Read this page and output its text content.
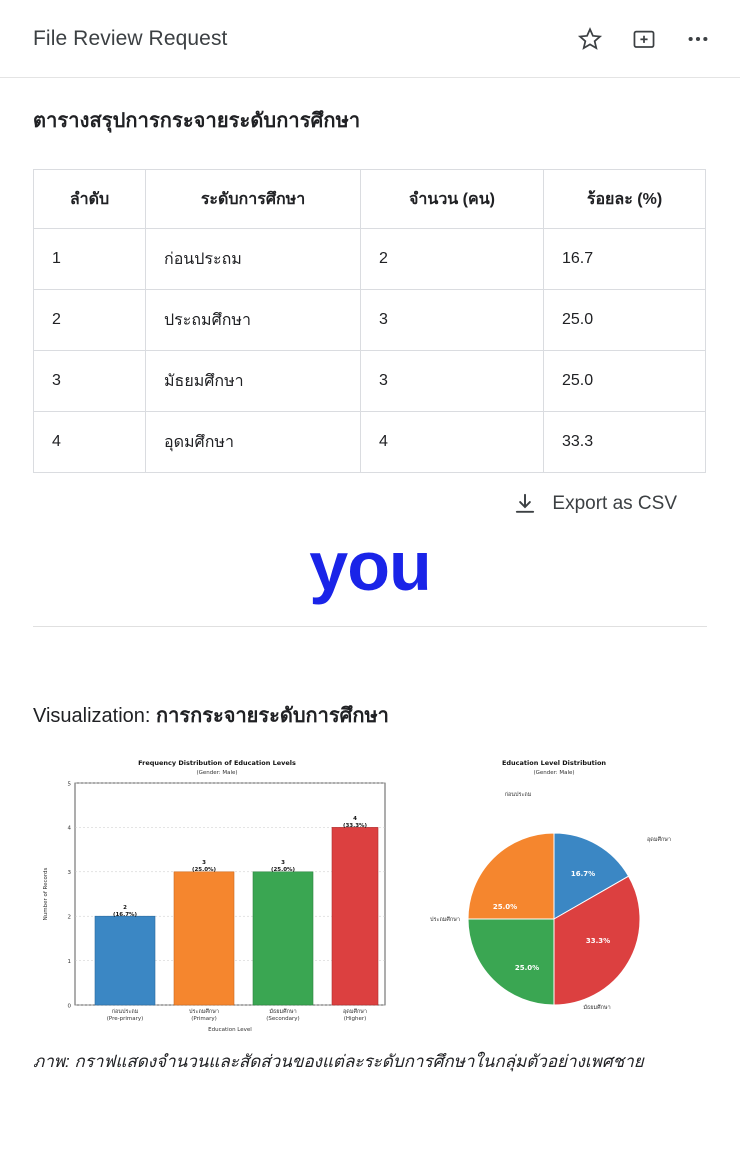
File Review Request
ตารางสรุปการกระจายระดับการศึกษา
ลำดับ	ระดับการศึกษา	จำนวน (คน)	ร้อยละ (%)
1	ก่อนประถม	2	16.7
2	ประถมศึกษา	3	25.0
3	มัธยมศึกษา	3	25.0
4	อุดมศึกษา	4	33.3
Export as CSV
you
Visualization: การกระจายระดับการศึกษา
Frequency Distribution of Education Levels
(Gender: Male)
0
1
2
3
4
5
Number of Records	2
(16.7%)
3
(25.0%)
3
(25.0%)
4
(33.3%)
ก่อนประถม
(Pre-primary)
ประถมศึกษา
(Primary)
มัธยมศึกษา
(Secondary)
อุดมศึกษา
(Higher)
Education Level
Education Level Distribution
(Gender: Male)
16.7%
33.3%
25.0%
25.0%
ก่อนประถม
อุดมศึกษา
มัธยมศึกษา
ประถมศึกษา
ภาพ: กราฟแสดงจำนวนและสัดส่วนของแต่ละระดับการศึกษาในกลุ่มตัวอย่างเพศชาย
